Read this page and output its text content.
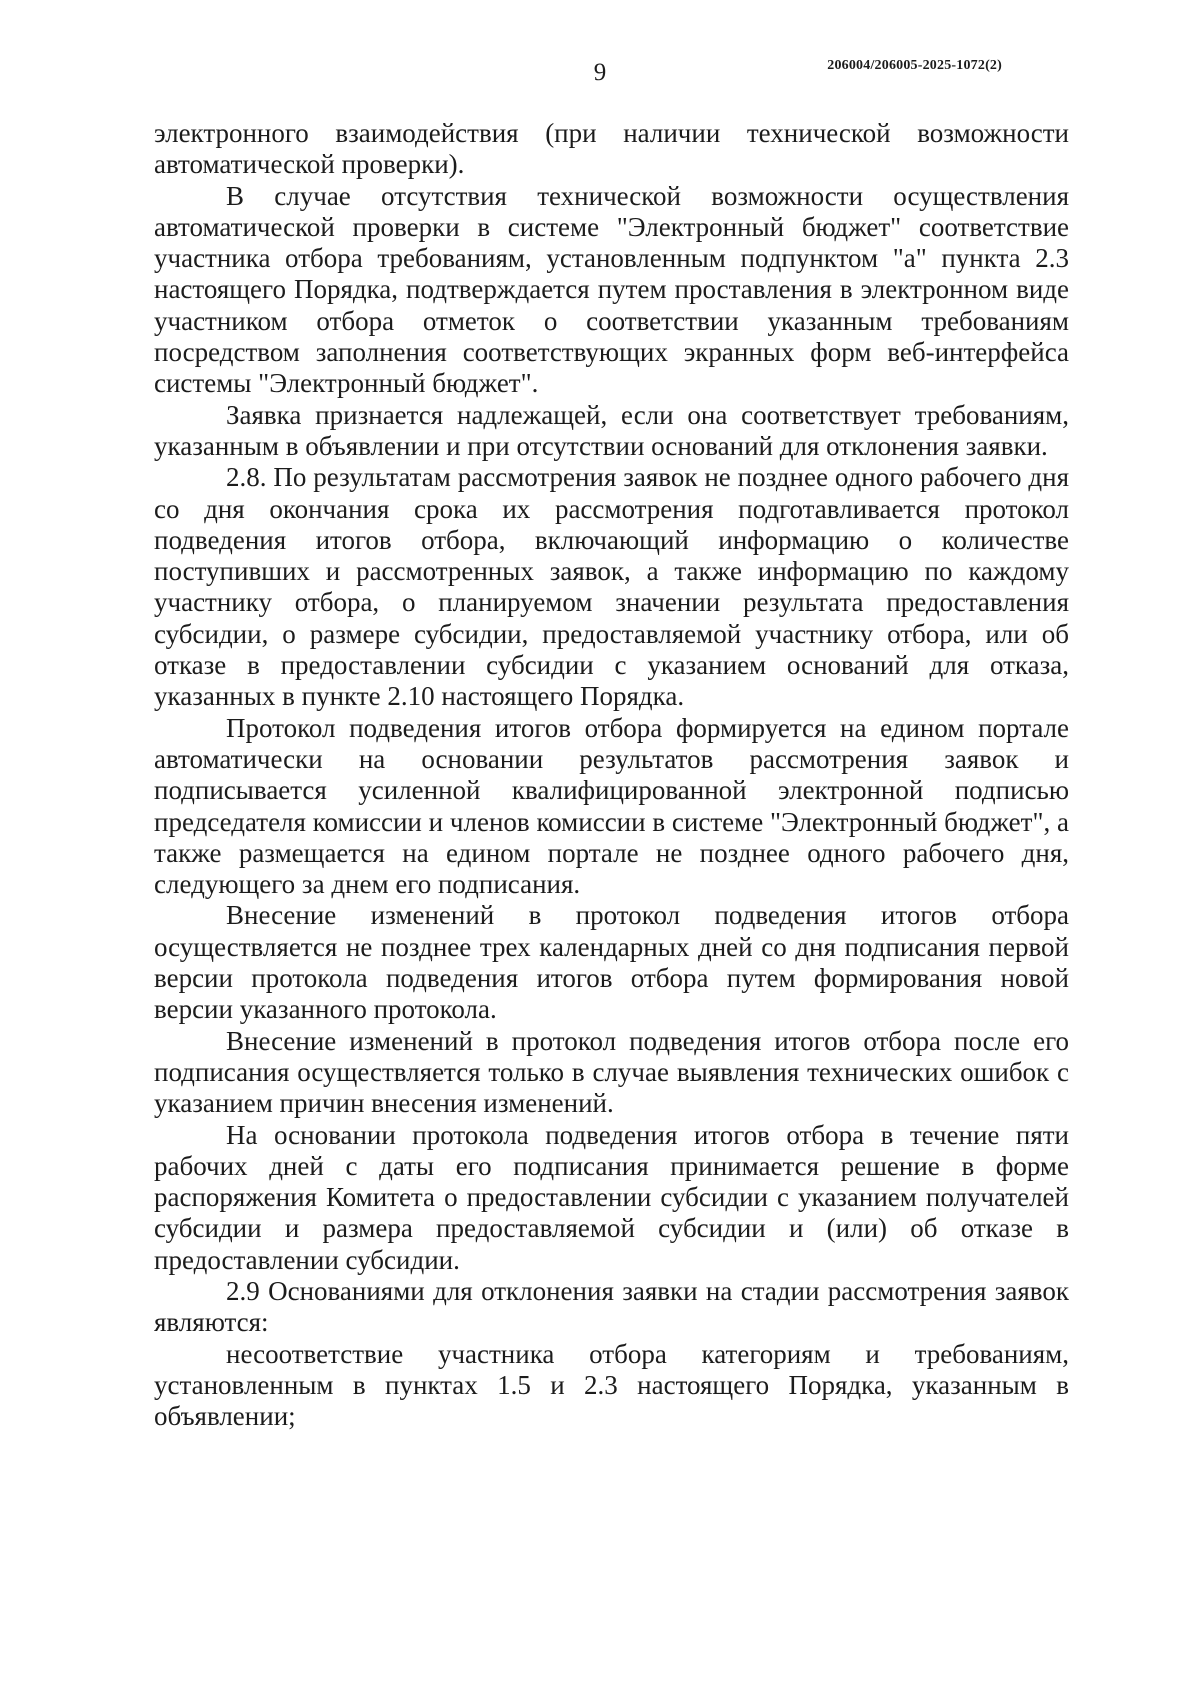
9	206004/206005-2025-1072(2)

электронного взаимодействия (при наличии технической возможности автоматической проверки).

В случае отсутствия технической возможности осуществления автоматической проверки в системе "Электронный бюджет" соответствие участника отбора требованиям, установленным подпунктом "а" пункта 2.3 настоящего Порядка, подтверждается путем проставления в электронном виде участником отбора отметок о соответствии указанным требованиям посредством заполнения соответствующих экранных форм веб-интерфейса системы "Электронный бюджет".

Заявка признается надлежащей, если она соответствует требованиям, указанным в объявлении и при отсутствии оснований для отклонения заявки.

2.8. По результатам рассмотрения заявок не позднее одного рабочего дня со дня окончания срока их рассмотрения подготавливается протокол подведения итогов отбора, включающий информацию о количестве поступивших и рассмотренных заявок, а также информацию по каждому участнику отбора, о планируемом значении результата предоставления субсидии, о размере субсидии, предоставляемой участнику отбора, или об отказе в предоставлении субсидии с указанием оснований для отказа, указанных в пункте 2.10 настоящего Порядка.

Протокол подведения итогов отбора формируется на едином портале автоматически на основании результатов рассмотрения заявок и подписывается усиленной квалифицированной электронной подписью председателя комиссии и членов комиссии в системе "Электронный бюджет", а также размещается на едином портале не позднее одного рабочего дня, следующего за днем его подписания.

Внесение изменений в протокол подведения итогов отбора осуществляется не позднее трех календарных дней со дня подписания первой версии протокола подведения итогов отбора путем формирования новой версии указанного протокола.

Внесение изменений в протокол подведения итогов отбора после его подписания осуществляется только в случае выявления технических ошибок с указанием причин внесения изменений.

На основании протокола подведения итогов отбора в течение пяти рабочих дней с даты его подписания принимается решение в форме распоряжения Комитета о предоставлении субсидии с указанием получателей субсидии и размера предоставляемой субсидии и (или) об отказе в предоставлении субсидии.

2.9 Основаниями для отклонения заявки на стадии рассмотрения заявок являются:

несоответствие участника отбора категориям и требованиям, установленным в пунктах 1.5 и 2.3 настоящего Порядка, указанным в объявлении;
